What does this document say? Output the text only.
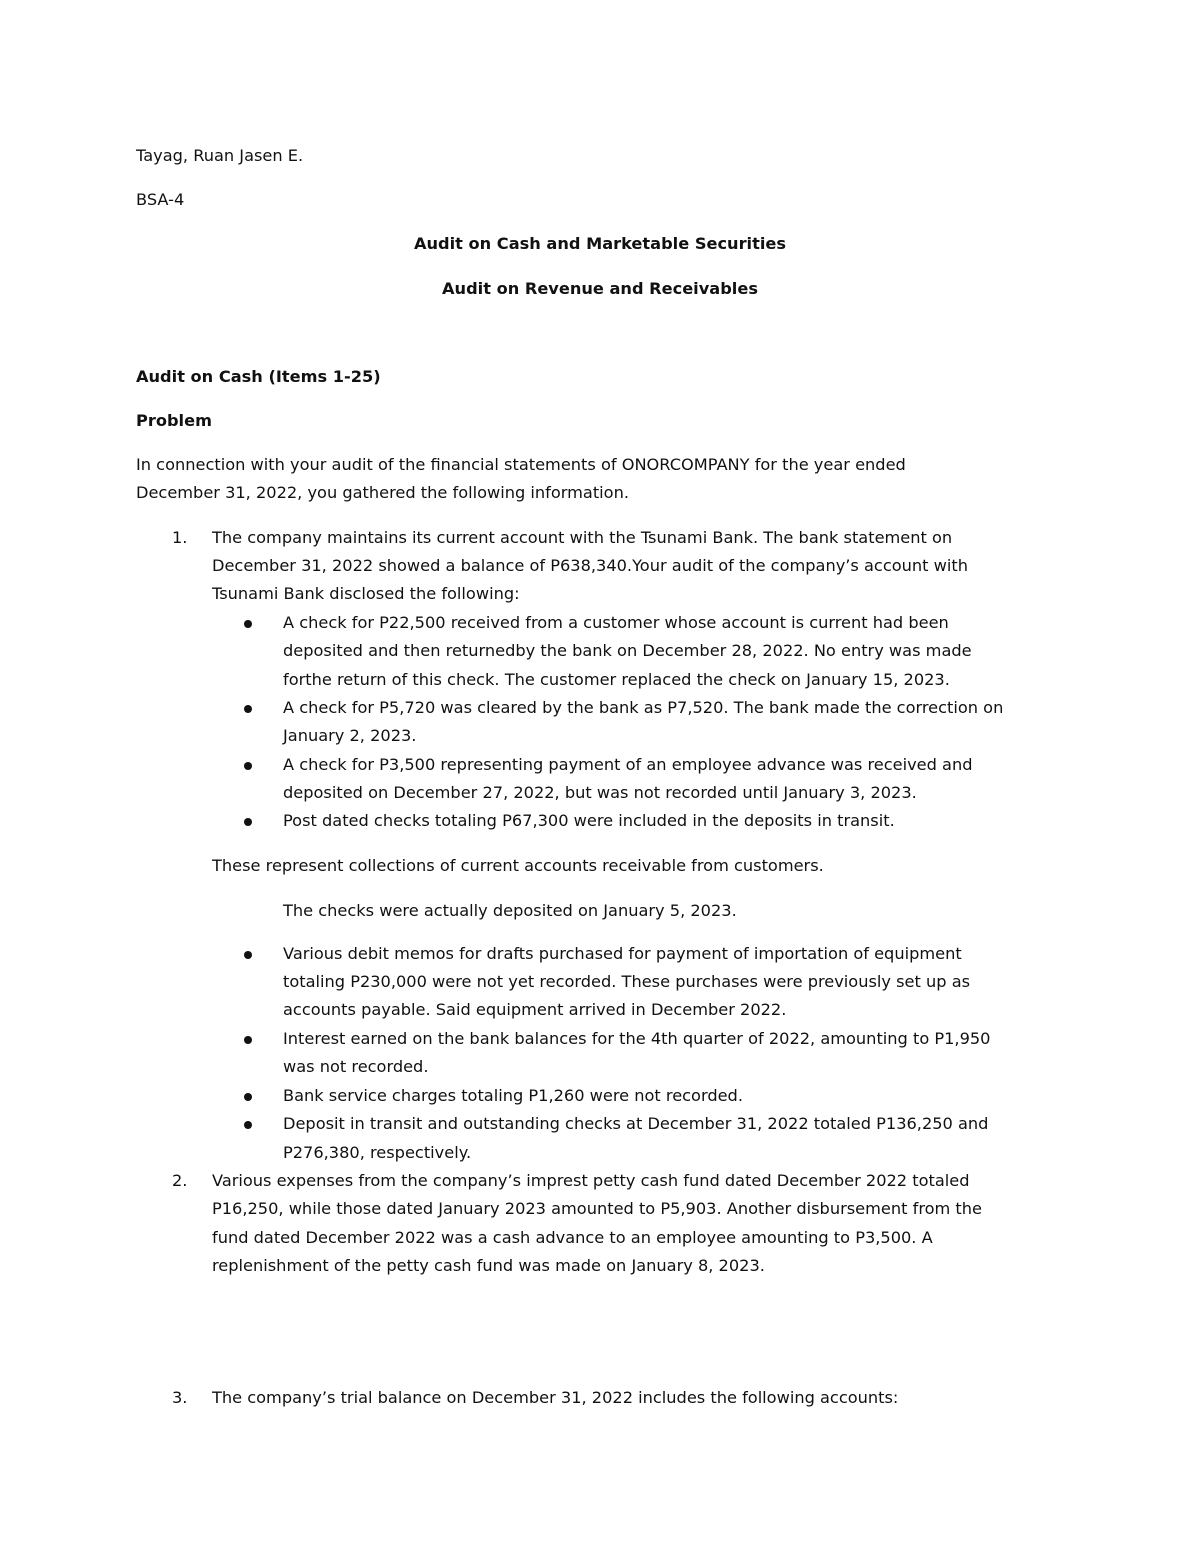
Tayag, Ruan Jasen E.
BSA-4
Audit on Cash and Marketable Securities
Audit on Revenue and Receivables
Audit on Cash (Items 1-25)
Problem
In connection with your audit of the financial statements of ONORCOMPANY for the year ended
December 31, 2022, you gathered the following information.
1. The company maintains its current account with the Tsunami Bank. The bank statement on
December 31, 2022 showed a balance of P638,340.Your audit of the company’s account with
Tsunami Bank disclosed the following:
A check for P22,500 received from a customer whose account is current had been
deposited and then returnedby the bank on December 28, 2022. No entry was made
forthe return of this check. The customer replaced the check on January 15, 2023.
A check for P5,720 was cleared by the bank as P7,520. The bank made the correction on
January 2, 2023.
A check for P3,500 representing payment of an employee advance was received and
deposited on December 27, 2022, but was not recorded until January 3, 2023.
Post dated checks totaling P67,300 were included in the deposits in transit.
These represent collections of current accounts receivable from customers.
The checks were actually deposited on January 5, 2023.
Various debit memos for drafts purchased for payment of importation of equipment
totaling P230,000 were not yet recorded. These purchases were previously set up as
accounts payable. Said equipment arrived in December 2022.
Interest earned on the bank balances for the 4th quarter of 2022, amounting to P1,950
was not recorded.
Bank service charges totaling P1,260 were not recorded.
Deposit in transit and outstanding checks at December 31, 2022 totaled P136,250 and
P276,380, respectively.
2. Various expenses from the company’s imprest petty cash fund dated December 2022 totaled
P16,250, while those dated January 2023 amounted to P5,903. Another disbursement from the
fund dated December 2022 was a cash advance to an employee amounting to P3,500. A
replenishment of the petty cash fund was made on January 8, 2023.
3. The company’s trial balance on December 31, 2022 includes the following accounts:
